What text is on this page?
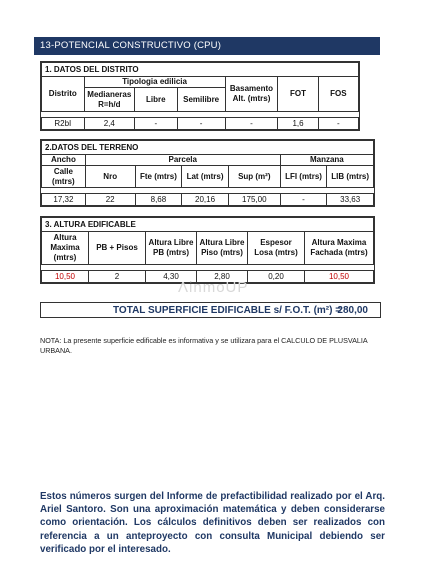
13-POTENCIAL CONSTRUCTIVO (CPU)
1. DATOS DEL DISTRITO						
Distrito	Tipologia edilicia			Basamento Alt. (mtrs)	FOT	FOS
	Medianeras R=h/d	Libre	Semilibre			

R2bI	2,4	-	-	-	1,6	-
2.DATOS DEL TERRENO						
Ancho	Parcela				Manzana	
Calle (mtrs)	Nro	Fte (mtrs)	Lat (mtrs)	Sup (m²)	LFI (mtrs)	LIB (mtrs)

17,32	22	8,68	20,16	175,00	-	33,63
3. ALTURA EDIFICABLE					
Altura Maxima (mtrs)	PB + Pisos	Altura Libre PB (mtrs)	Altura Libre Piso (mtrs)	Espesor Losa (mtrs)	Altura Maxima Fachada (mtrs)

10,50	2	4,30	2,80	0,20	10,50
ΛinmoUP
TOTAL SUPERFICIE EDIFICABLE s/ F.O.T. (m²) =
280,00
NOTA: La presente superficie edificable es informativa y se utilizara para el CALCULO DE PLUSVALIA URBANA.
Estos números surgen del Informe de prefactibilidad realizado por el Arq. Ariel Santoro. Son una aproximación matemática y deben considerarse como orientación. Los cálculos definitivos deben ser realizados con referencia a un anteproyecto con consulta Municipal debiendo ser verificado por el interesado.
